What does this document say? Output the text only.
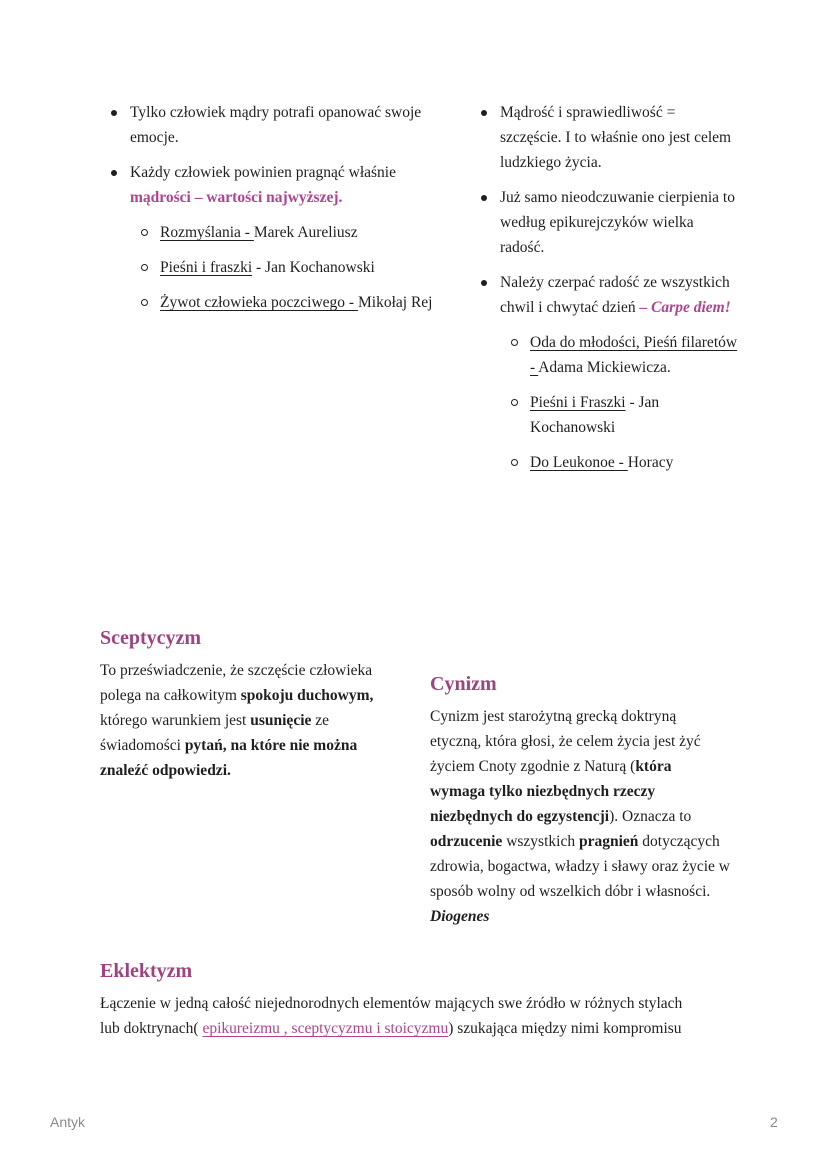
Tylko człowiek mądry potrafi opanować swoje emocje.
Każdy człowiek powinien pragnąć właśnie mądrości – wartości najwyższej.
Rozmyślania - Marek Aureliusz
Pieśni i fraszki - Jan Kochanowski
Żywot człowieka poczciwego - Mikołaj Rej
Mądrość i sprawiedliwość = szczęście. I to właśnie ono jest celem ludzkiego życia.
Już samo nieodczuwanie cierpienia to według epikurejczyków wielka radość.
Należy czerpać radość ze wszystkich chwil i chwytać dzień – Carpe diem!
Oda do młodości, Pieśń filaretów - Adama Mickiewicza.
Pieśni i Fraszki - Jan Kochanowski
Do Leukonoe - Horacy
Sceptycyzm

To przeświadczenie, że szczęście człowieka polega na całkowitym spokoju duchowym, którego warunkiem jest usunięcie ze świadomości pytań, na które nie można znaleźć odpowiedzi.

Cynizm

Cynizm jest starożytną grecką doktryną etyczną, która głosi, że celem życia jest żyć życiem Cnoty zgodnie z Naturą (która wymaga tylko niezbędnych rzeczy niezbędnych do egzystencji). Oznacza to odrzucenie wszystkich pragnień dotyczących zdrowia, bogactwa, władzy i sławy oraz życie w sposób wolny od wszelkich dóbr i własności. Diogenes

Eklektyzm

Łączenie w jedną całość niejednorodnych elementów mających swe źródło w różnych stylach lub doktrynach( epikureizmu , sceptycyzmu i stoicyzmu) szukająca między nimi kompromisu

Antyk	2
